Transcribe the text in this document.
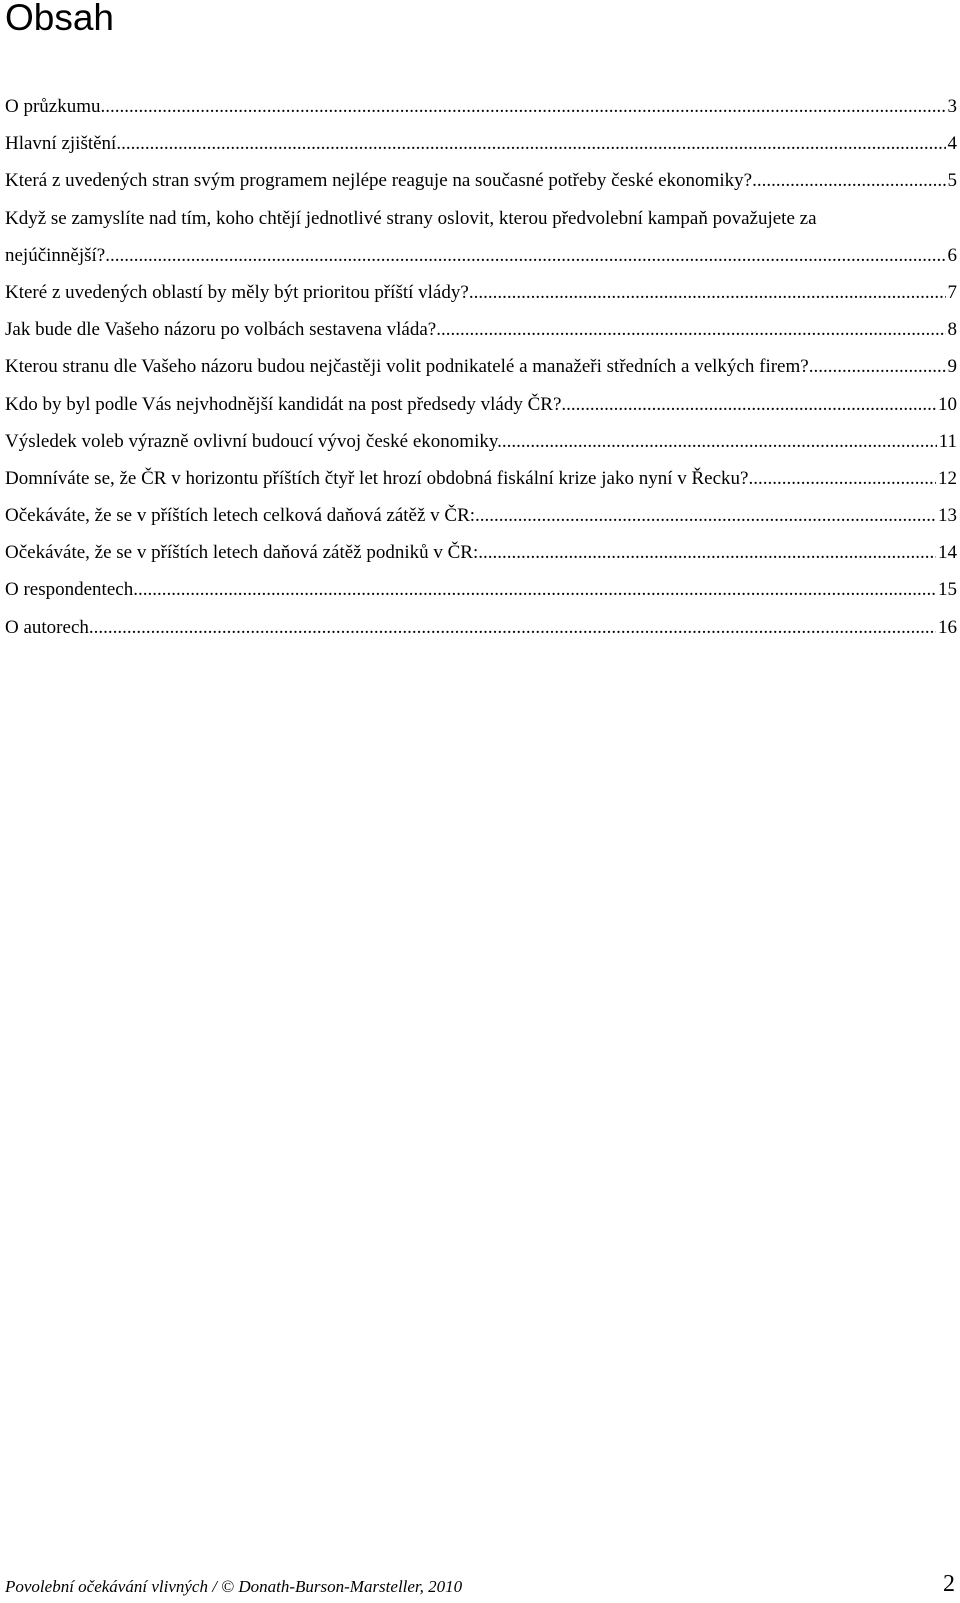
Obsah
O průzkumu .....	3
Hlavní zjištění .....	4
Která z uvedených stran svým programem nejlépe reaguje na současné potřeby české ekonomiky? .....	5
Když se zamyslíte nad tím, koho chtějí jednotlivé strany oslovit, kterou předvolební kampaň považujete za
nejúčinnější? .....	6
Které z uvedených oblastí by měly být prioritou příští vlády? .....	7
Jak bude dle Vašeho názoru po volbách sestavena vláda? .....	8
Kterou stranu dle Vašeho názoru budou nejčastěji volit podnikatelé a manažeři středních a velkých firem? .....	9
Kdo by byl podle Vás nejvhodnější kandidát na post předsedy vlády ČR? .....	10
Výsledek voleb výrazně ovlivní budoucí vývoj české ekonomiky. .....	11
Domníváte se, že ČR v horizontu příštích čtyř let hrozí obdobná fiskální krize jako nyní v Řecku? .....	12
Očekáváte, že se v příštích letech celková daňová zátěž v ČR: .....	13
Očekáváte, že se v příštích letech daňová zátěž podniků v ČR: .....	14
O respondentech .....	15
O autorech .....	16
Povolební očekávání vlivných / © Donath-Burson-Marsteller, 2010	2
